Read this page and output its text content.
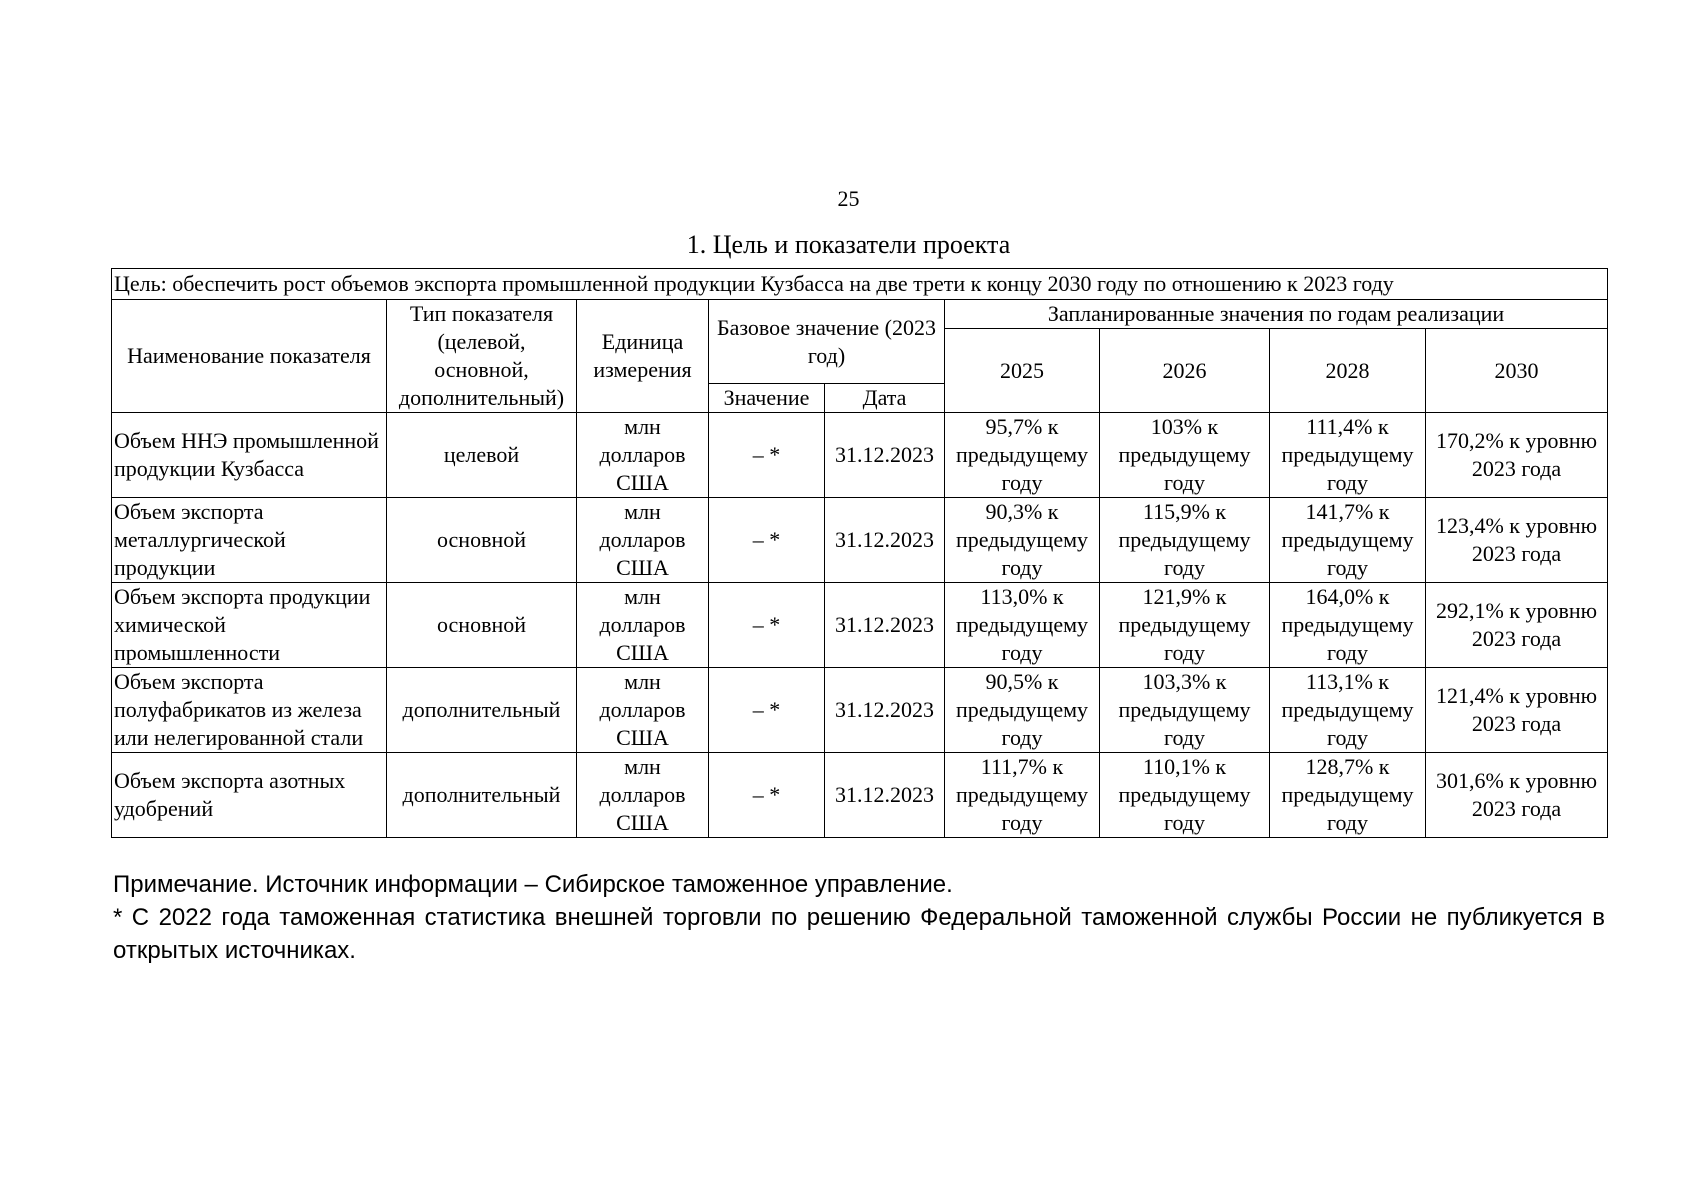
25
1. Цель и показатели проекта
Цель: обеспечить рост объемов экспорта промышленной продукции Кузбасса на две трети к концу 2030 году по отношению к 2023 году								
Наименование показателя	Тип показателя (целевой, основной, дополнительный)	Единица измерения	Базовое значение (2023 год)		Запланированные значения по годам реализации			
					2025	2026	2028	2030
			Значение	Дата				
Объем ННЭ промышленной продукции Кузбасса	целевой	млн долларов США	– *	31.12.2023	95,7% к предыдущему году	103% к предыдущему году	111,4% к предыдущему году	170,2% к уровню 2023 года
Объем экспорта металлургической продукции	основной	млн долларов США	– *	31.12.2023	90,3% к предыдущему году	115,9% к предыдущему году	141,7% к предыдущему году	123,4% к уровню 2023 года
Объем экспорта продукции химической промышленности	основной	млн долларов США	– *	31.12.2023	113,0% к предыдущему году	121,9% к предыдущему году	164,0% к предыдущему году	292,1% к уровню 2023 года
Объем экспорта полуфабрикатов из железа или нелегированной стали	дополнительный	млн долларов США	– *	31.12.2023	90,5% к предыдущему году	103,3% к предыдущему году	113,1% к предыдущему году	121,4% к уровню 2023 года
Объем экспорта азотных удобрений	дополнительный	млн долларов США	– *	31.12.2023	111,7% к предыдущему году	110,1% к предыдущему году	128,7% к предыдущему году	301,6% к уровню 2023 года

Примечание. Источник информации – Сибирское таможенное управление.

* С 2022 года таможенная статистика внешней торговли по решению Федеральной таможенной службы России не публикуется в открытых источниках.
